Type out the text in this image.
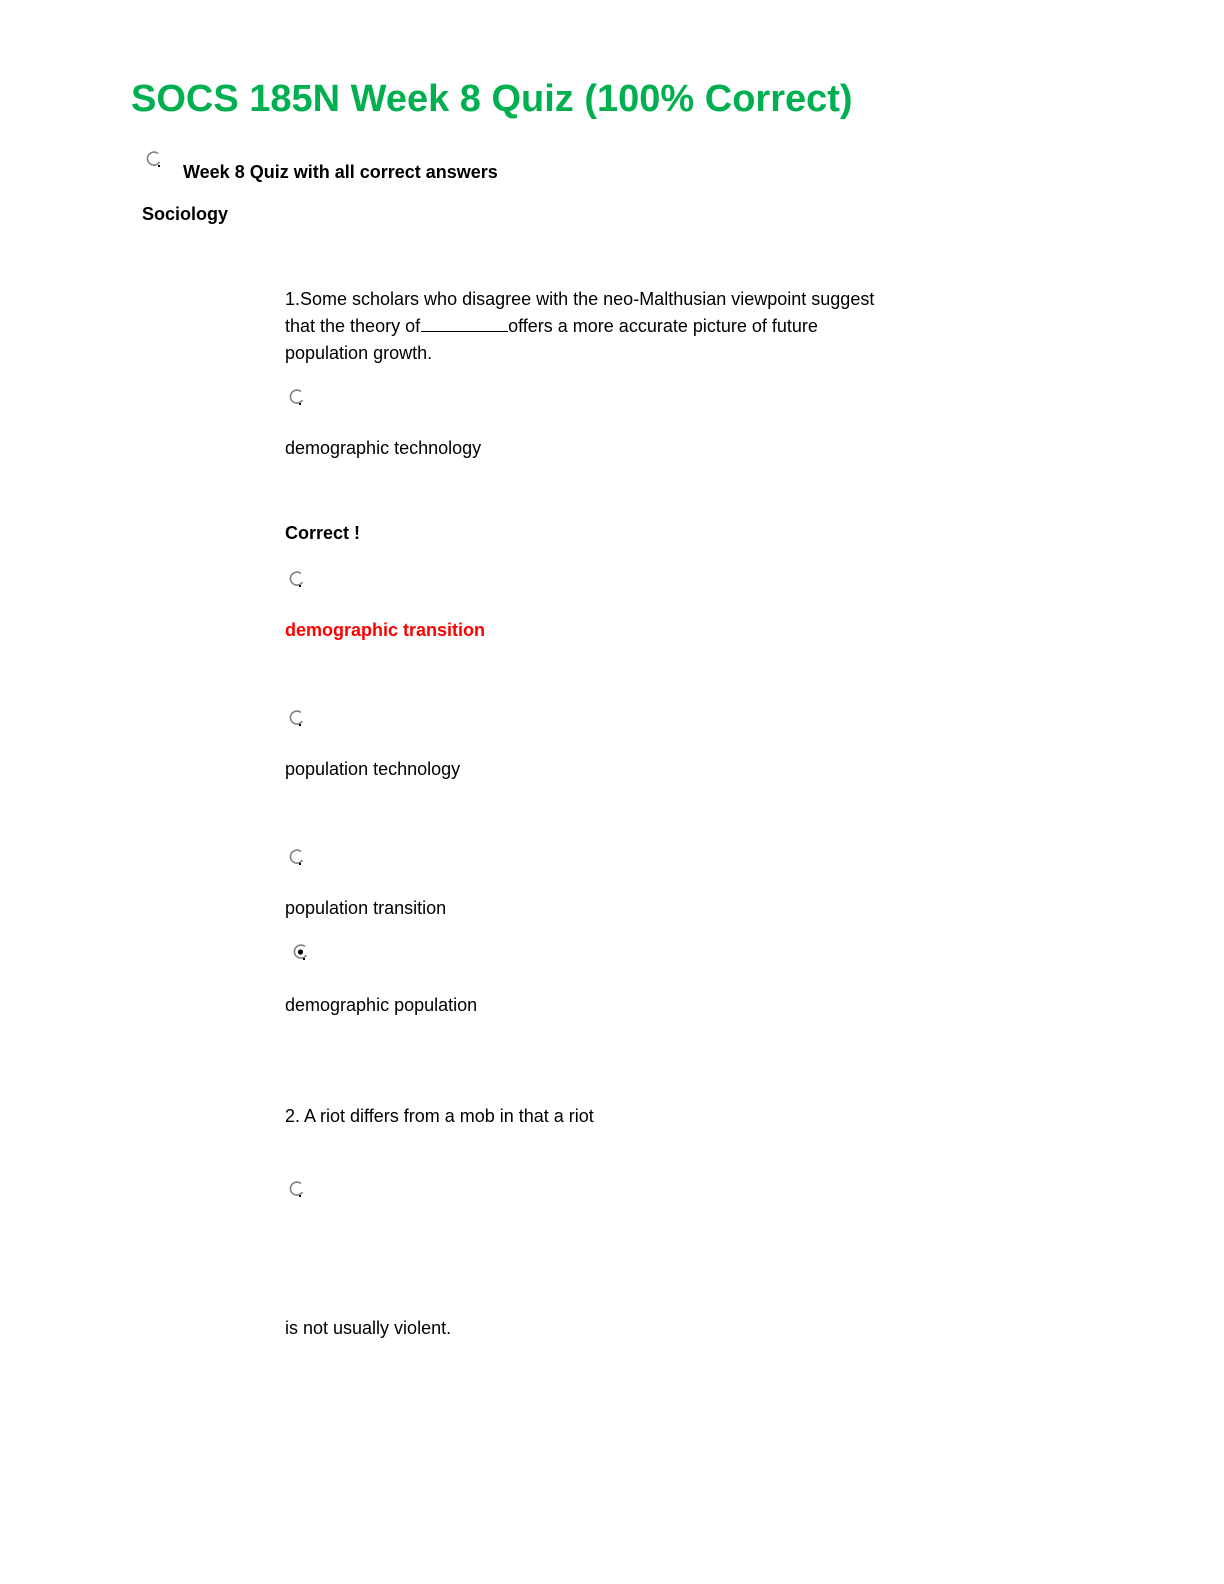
SOCS 185N Week 8 Quiz (100% Correct)
Week 8 Quiz with all correct answers
Sociology
1.Some scholars who disagree with the neo-Malthusian viewpoint suggest that the theory of	offers a more accurate picture of future population growth.
demographic technology
Correct !
demographic transition
population technology
population transition
demographic population
2. A riot differs from a mob in that a riot
is not usually violent.
